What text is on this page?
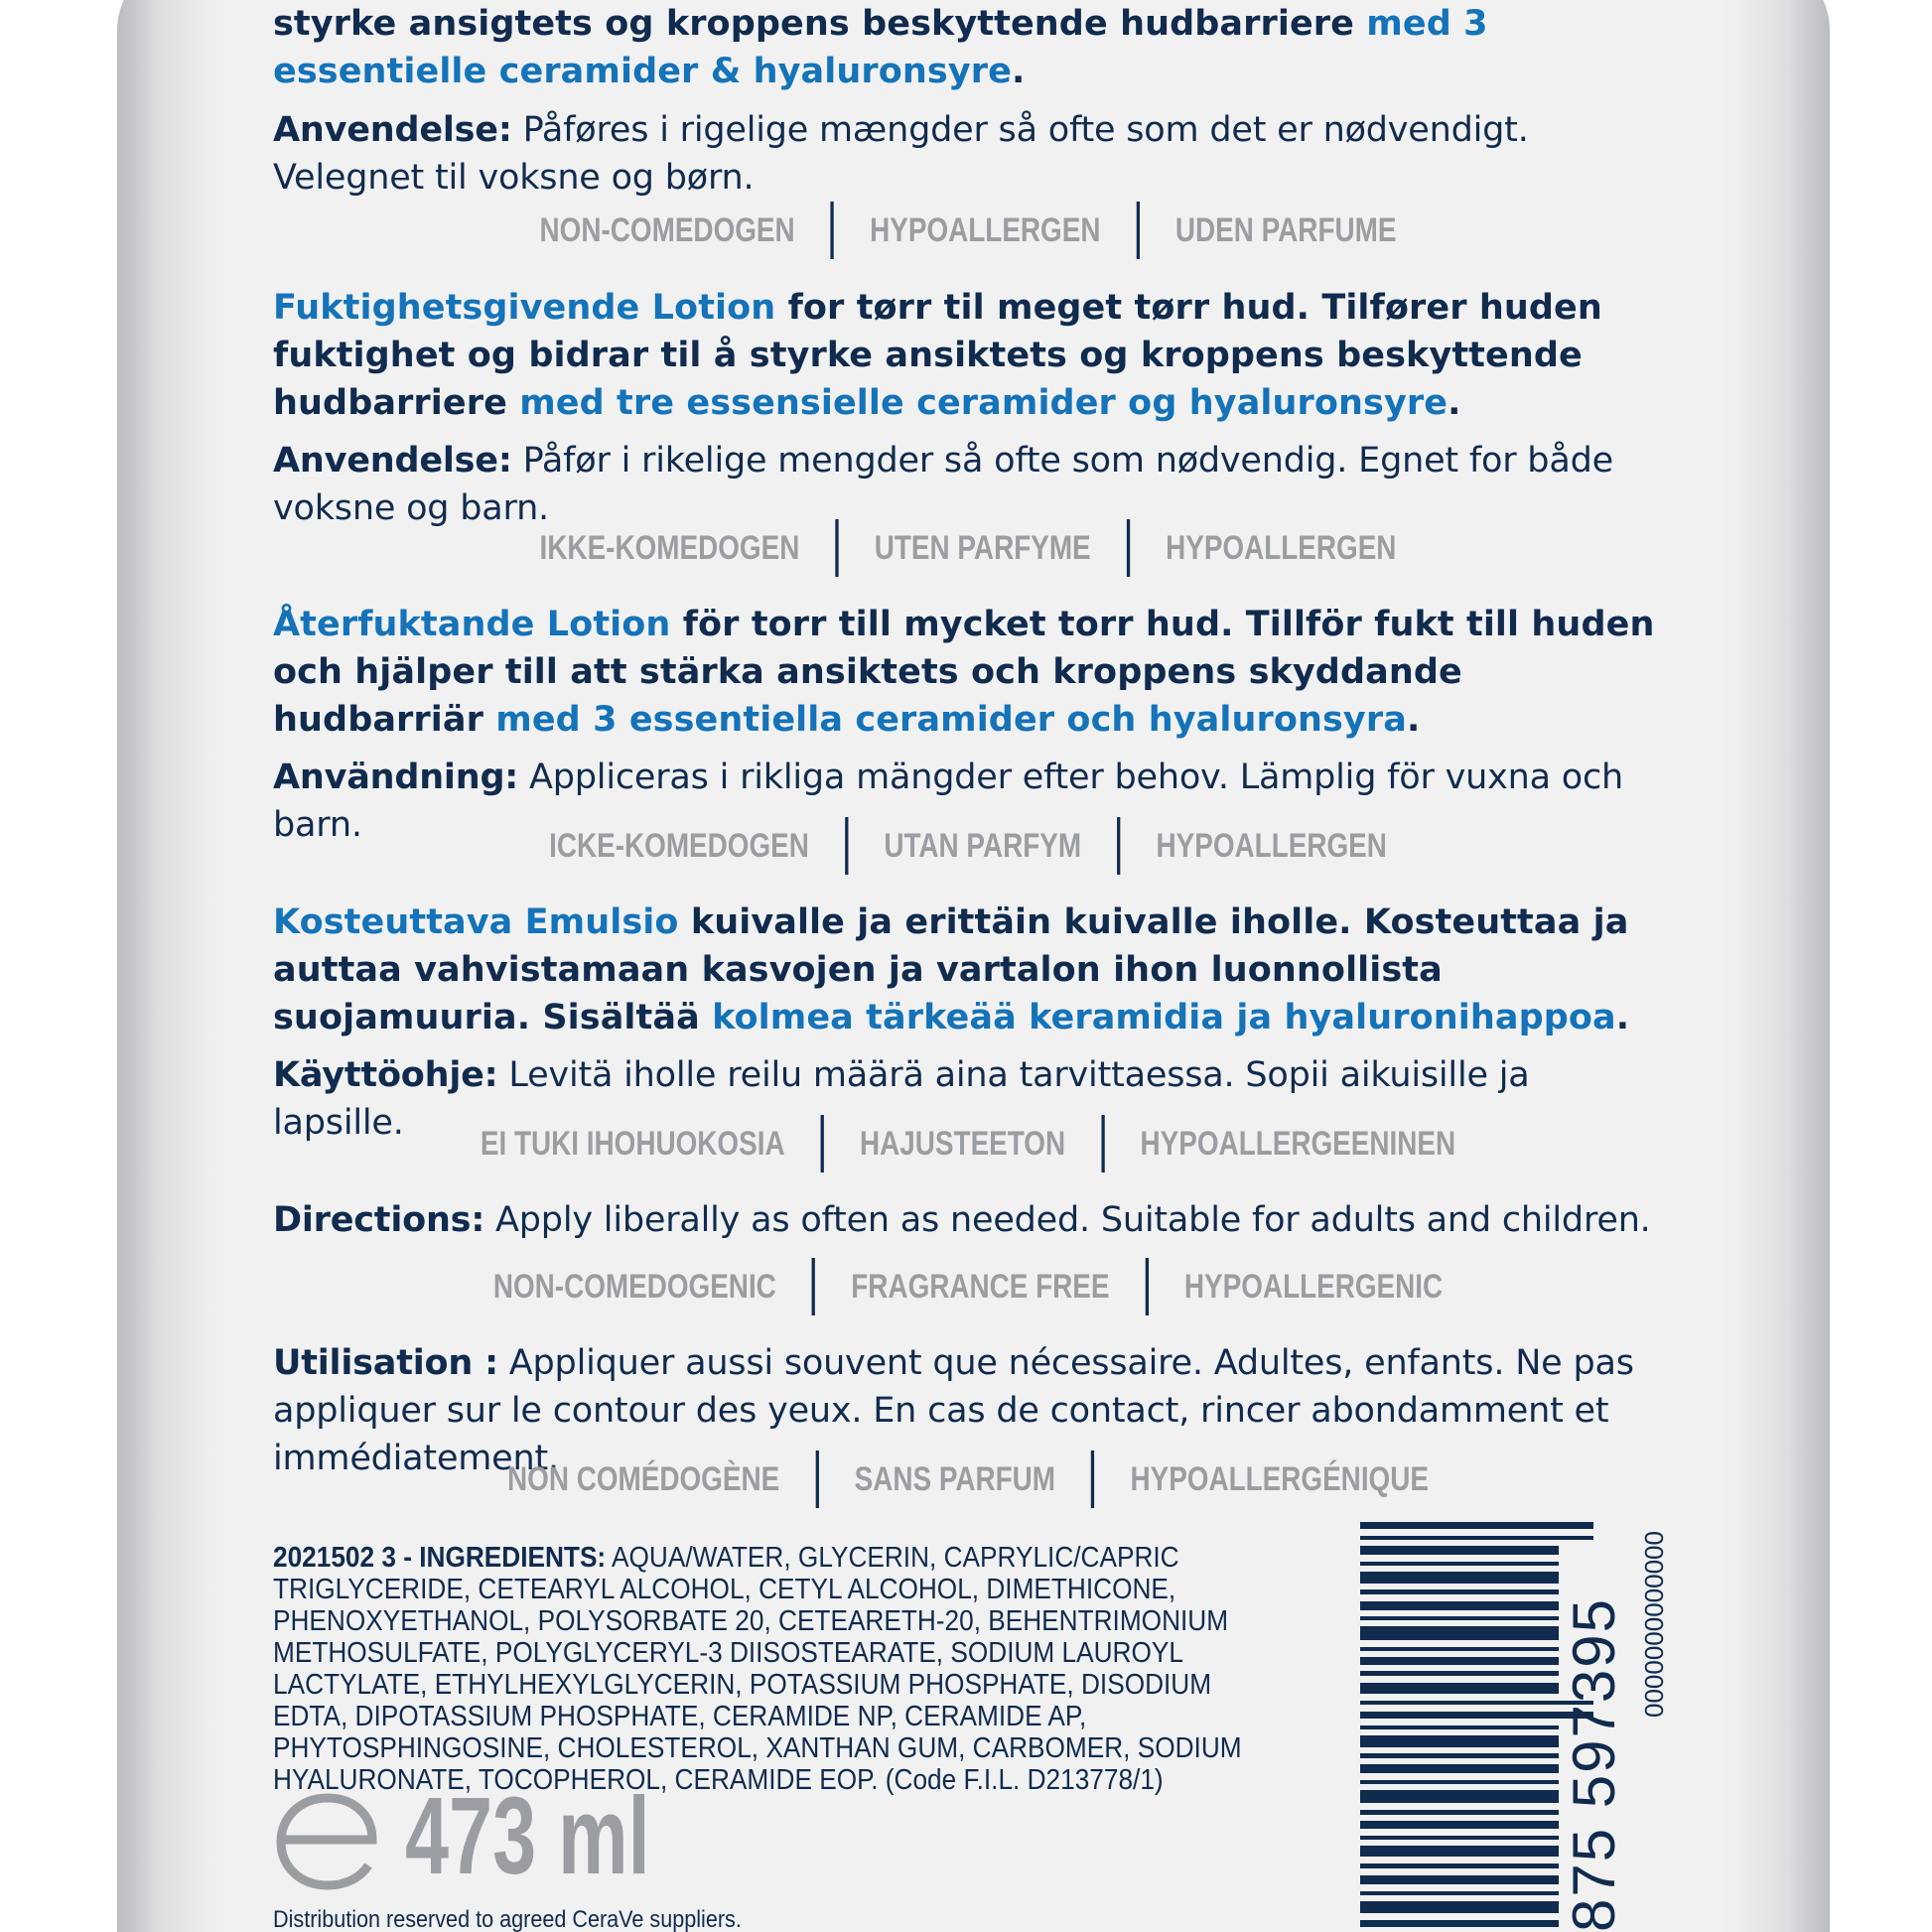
styrke ansigtets og kroppens beskyttende hudbarriere med 3 essentielle ceramider & hyaluronsyre.
Anvendelse: Påføres i rigelige mængder så ofte som det er nødvendigt. Velegnet til voksne og børn.
NON-COMEDOGEN	HYPOALLERGEN	UDEN PARFUME
Fuktighetsgivende Lotion for tørr til meget tørr hud. Tilfører huden fuktighet og bidrar til å styrke ansiktets og kroppens beskyttende hudbarriere med tre essensielle ceramider og hyaluronsyre.
Anvendelse: Påfør i rikelige mengder så ofte som nødvendig. Egnet for både voksne og barn.
IKKE-KOMEDOGEN	UTEN PARFYME	HYPOALLERGEN
Återfuktande Lotion för torr till mycket torr hud. Tillför fukt till huden och hjälper till att stärka ansiktets och kroppens skyddande hudbarriär med 3 essentiella ceramider och hyaluronsyra.
Användning: Appliceras i rikliga mängder efter behov. Lämplig för vuxna och barn.
ICKE-KOMEDOGEN	UTAN PARFYM	HYPOALLERGEN
Kosteuttava Emulsio kuivalle ja erittäin kuivalle iholle. Kosteuttaa ja auttaa vahvistamaan kasvojen ja vartalon ihon luonnollista suojamuuria. Sisältää kolmea tärkeää keramidia ja hyaluronihappoa.
Käyttöohje: Levitä iholle reilu määrä aina tarvittaessa. Sopii aikuisille ja lapsille.
EI TUKI IHOHUOKOSIA	HAJUSTEETON	HYPOALLERGEENINEN
Directions: Apply liberally as often as needed. Suitable for adults and children.
NON-COMEDOGENIC	FRAGRANCE FREE	HYPOALLERGENIC
Utilisation : Appliquer aussi souvent que nécessaire. Adultes, enfants. Ne pas appliquer sur le contour des yeux. En cas de contact, rincer abondamment et immédiatement.
NON COMÉDOGÈNE	SANS PARFUM	HYPOALLERGÉNIQUE
2021502 3 - INGREDIENTS: AQUA/WATER, GLYCERIN, CAPRYLIC/CAPRIC TRIGLYCERIDE, CETEARYL ALCOHOL, CETYL ALCOHOL, DIMETHICONE, PHENOXYETHANOL, POLYSORBATE 20, CETEARETH-20, BEHENTRIMONIUM METHOSULFATE, POLYGLYCERYL-3 DIISOSTEARATE, SODIUM LAUROYL LACTYLATE, ETHYLHEXYLGLYCERIN, POTASSIUM PHOSPHATE, DISODIUM EDTA, DIPOTASSIUM PHOSPHATE, CERAMIDE NP, CERAMIDE AP, PHYTOSPHINGOSINE, CHOLESTEROL, XANTHAN GUM, CARBOMER, SODIUM HYALURONATE, TOCOPHEROL, CERAMIDE EOP. (Code F.I.L. D213778/1)
473 ml
Distribution reserved to agreed CeraVe suppliers.	875 597395 0000000000000
